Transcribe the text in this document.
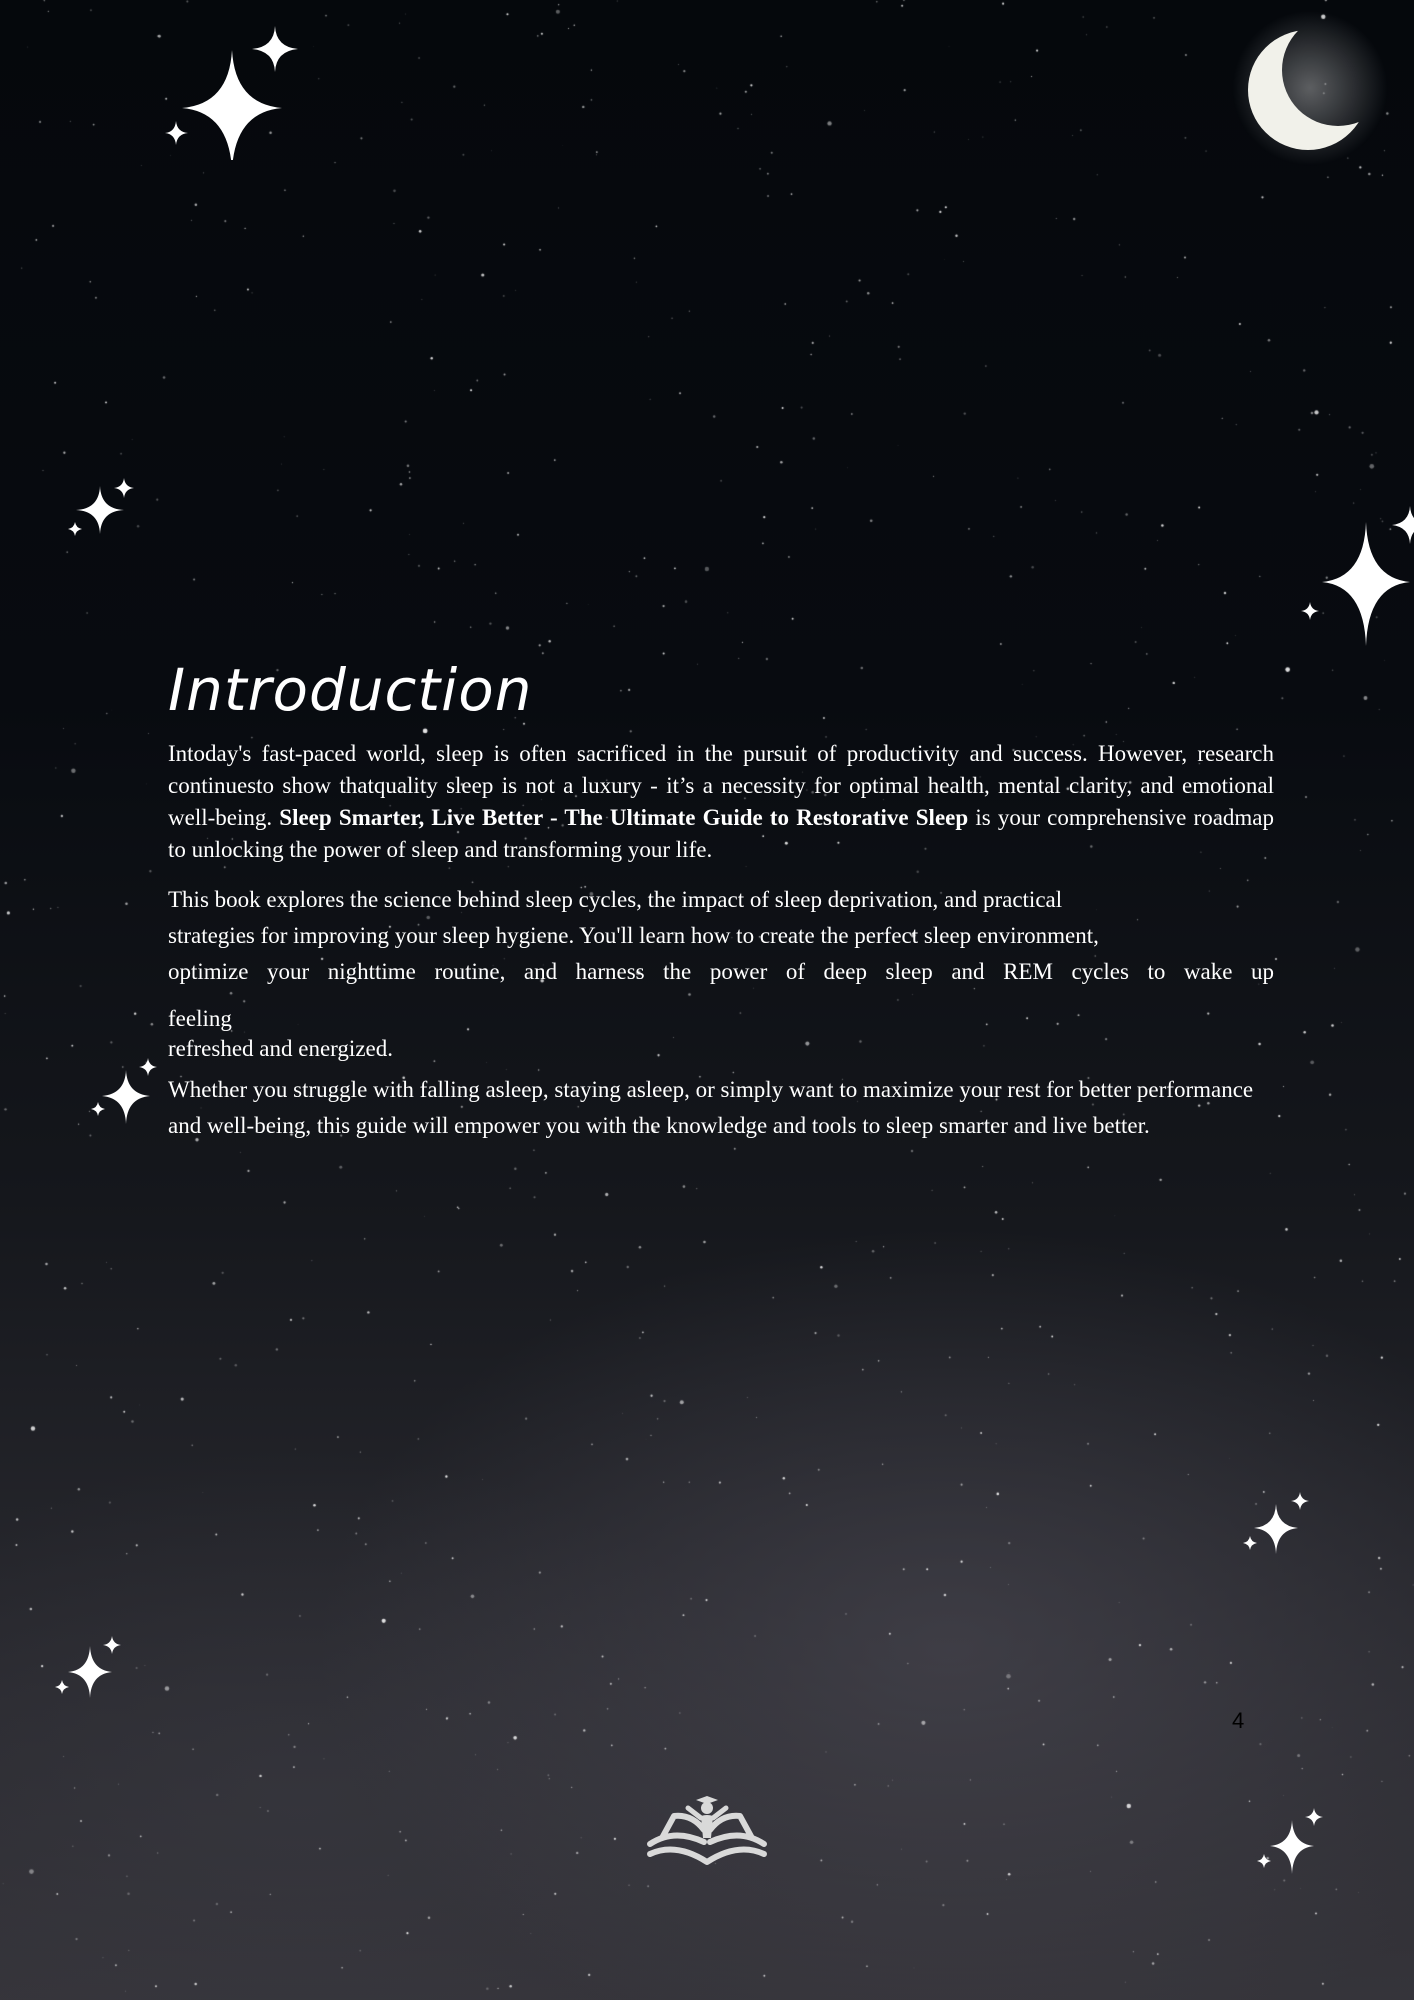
Introduction

Intoday's fast-paced world, sleep is often sacrificed in the pursuit of productivity and success. However, research continuesto show thatquality sleep is not a luxury - it’s a necessity for optimal health, mental clarity, and emotional well-being. Sleep Smarter, Live Better - The Ultimate Guide to Restorative Sleep is your comprehensive roadmap to unlocking the power of sleep and transforming your life.

This book explores the science behind sleep cycles, the impact of sleep deprivation, and practical
strategies for improving your sleep hygiene. You'll learn how to create the perfect sleep environment,
optimize your nighttime routine, and harness the power of deep sleep and REM cycles to wake up
feeling
refreshed and energized.

Whether you struggle with falling asleep, staying asleep, or simply want to maximize your rest for better performance and well-being, this guide will empower you with the knowledge and tools to sleep smarter and live better.

4
